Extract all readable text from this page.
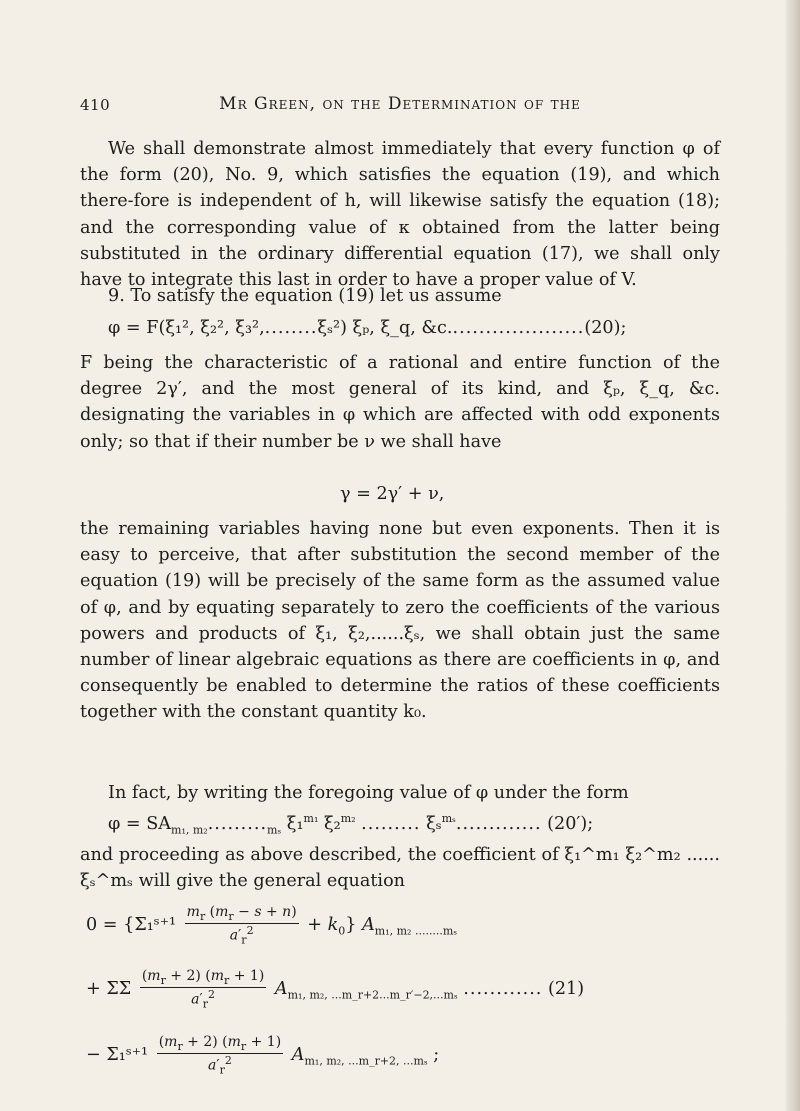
410	Mr Green, on the Determination of the

We shall demonstrate almost immediately that every function φ of the form (20), No. 9, which satisfies the equation (19), and which there-fore is independent of h, will likewise satisfy the equation (18); and the corresponding value of κ obtained from the latter being substituted in the ordinary differential equation (17), we shall only have to integrate this last in order to have a proper value of V.

9. To satisfy the equation (19) let us assume
φ = F(ξ₁², ξ₂², ξ₃²,........ξₛ²) ξₚ, ξ_q, &c.....................(20);

F being the characteristic of a rational and entire function of the degree 2γ′, and the most general of its kind, and ξₚ, ξ_q, &c. designating the variables in φ which are affected with odd exponents only; so that if their number be ν we shall have

γ = 2γ′ + ν,

the remaining variables having none but even exponents. Then it is easy to perceive, that after substitution the second member of the equation (19) will be precisely of the same form as the assumed value of φ, and by equating separately to zero the coefficients of the various powers and products of ξ₁, ξ₂,......ξₛ, we shall obtain just the same number of linear algebraic equations as there are coefficients in φ, and consequently be enabled to determine the ratios of these coefficients together with the constant quantity k₀.

In fact, by writing the foregoing value of φ under the form

$\varphi = SA_{m_1, m_2}........._{m_s}$ ξ₁$^{m_1}$ ξ₂$^{m_2}$ ......... ξₛ$^{m_s}$............. (20′);

and proceeding as above described, the coefficient of ξ₁^m₁ ξ₂^m₂ ...... ξₛ^mₛ will give the general equation

0 = {Σ₁ˢ⁺¹ $\frac{m_r (m_r - s + n)}{a'_r^2} + k_0$} $A_{m_1, m_2 ........m_s}$
+ ΣΣ $\frac{(m_r + 2) (m_r + 1)}{a'_r^2} A_{m_1, m_2, ...m\_r+2...m\_r'-2,...m_s}$ ............ (21)
− Σ₁ˢ⁺¹ $\frac{(m_r + 2) (m_r + 1)}{a'_r^2} A_{m_1, m_2, ...m\_r+2, ...m_s}$ ;
